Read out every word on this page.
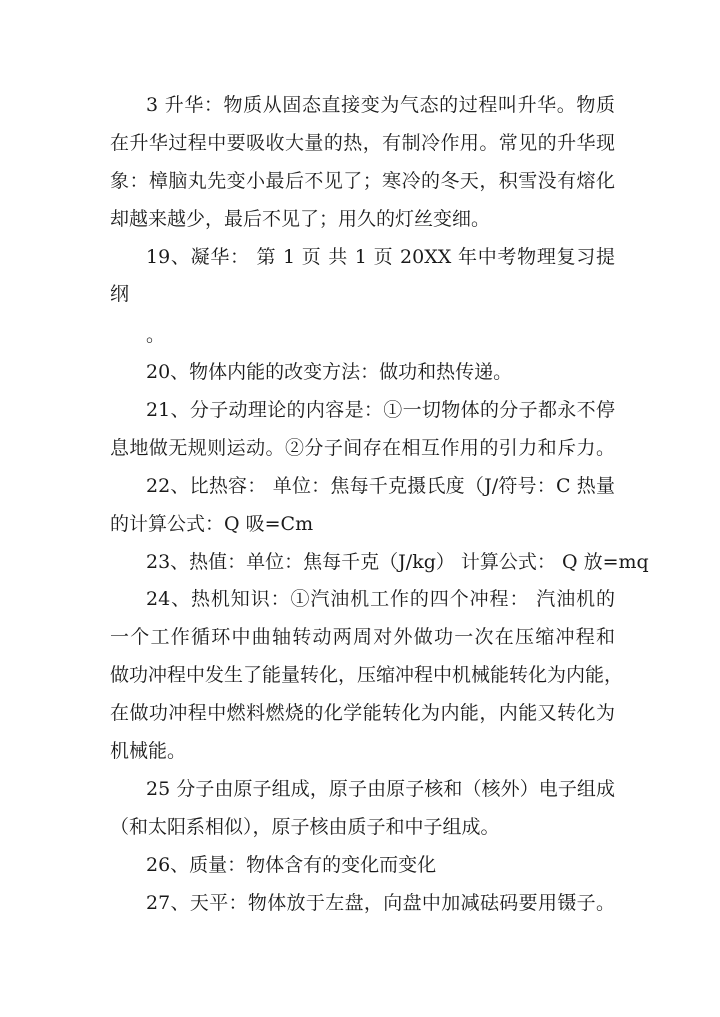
3 升华：物质从固态直接变为气态的过程叫升华。物质
在升华过程中要吸收大量的热，有制冷作用。常见的升华现
象：樟脑丸先变小最后不见了；寒冷的冬天，积雪没有熔化
却越来越少，最后不见了；用久的灯丝变细。
19、凝华： 第 1 页 共 1 页 20XX 年中考物理复习提
纲
。
20、物体内能的改变方法：做功和热传递。
21、分子动理论的内容是：①一切物体的分子都永不停
息地做无规则运动。②分子间存在相互作用的引力和斥力。
22、比热容： 单位：焦每千克摄氏度（J/符号：C 热量
的计算公式：Q 吸=Cm
23、热值：单位：焦每千克（J/kg） 计算公式： Q 放=mq
24、热机知识：①汽油机工作的四个冲程： 汽油机的
一个工作循环中曲轴转动两周对外做功一次在压缩冲程和
做功冲程中发生了能量转化，压缩冲程中机械能转化为内能，
在做功冲程中燃料燃烧的化学能转化为内能，内能又转化为
机械能。
25 分子由原子组成，原子由原子核和（核外）电子组成
（和太阳系相似），原子核由质子和中子组成。
26、质量：物体含有的变化而变化
27、天平：物体放于左盘，向盘中加减砝码要用镊子。
